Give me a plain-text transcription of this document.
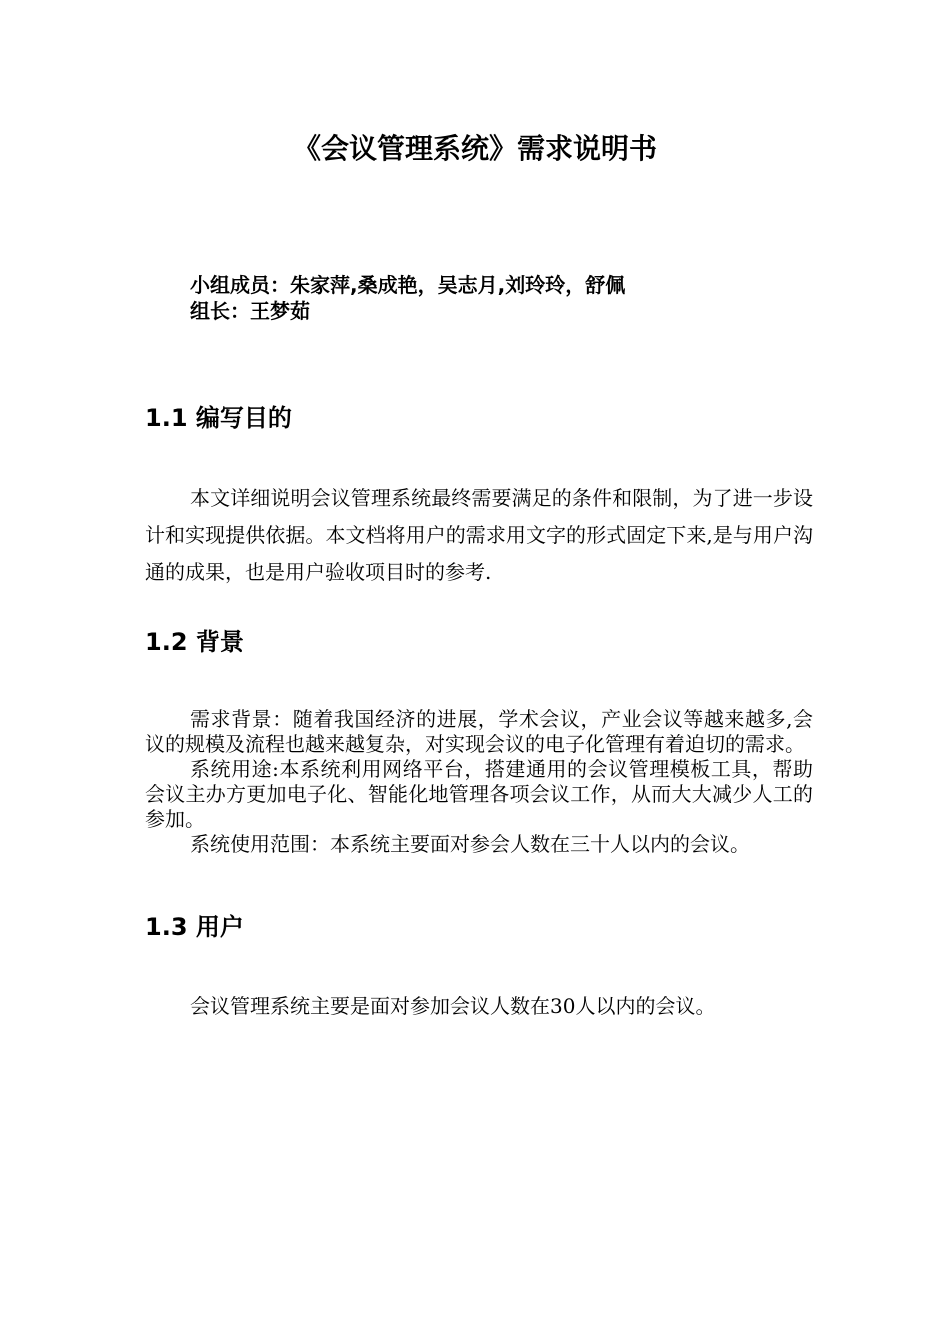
《会议管理系统》需求说明书
小组成员：朱家萍,桑成艳，吴志月,刘玲玲，舒佩
组长：王梦茹
1.1 编写目的

本文详细说明会议管理系统最终需要满足的条件和限制，为了进一步设计和实现提供依据。本文档将用户的需求用文字的形式固定下来,是与用户沟通的成果，也是用户验收项目时的参考.

1.2 背景

需求背景：随着我国经济的进展，学术会议，产业会议等越来越多,会议的规模及流程也越来越复杂，对实现会议的电子化管理有着迫切的需求。

系统用途:本系统利用网络平台，搭建通用的会议管理模板工具，帮助会议主办方更加电子化、智能化地管理各项会议工作，从而大大减少人工的参加。

系统使用范围：本系统主要面对参会人数在三十人以内的会议。

1.3 用户

会议管理系统主要是面对参加会议人数在30人以内的会议。
